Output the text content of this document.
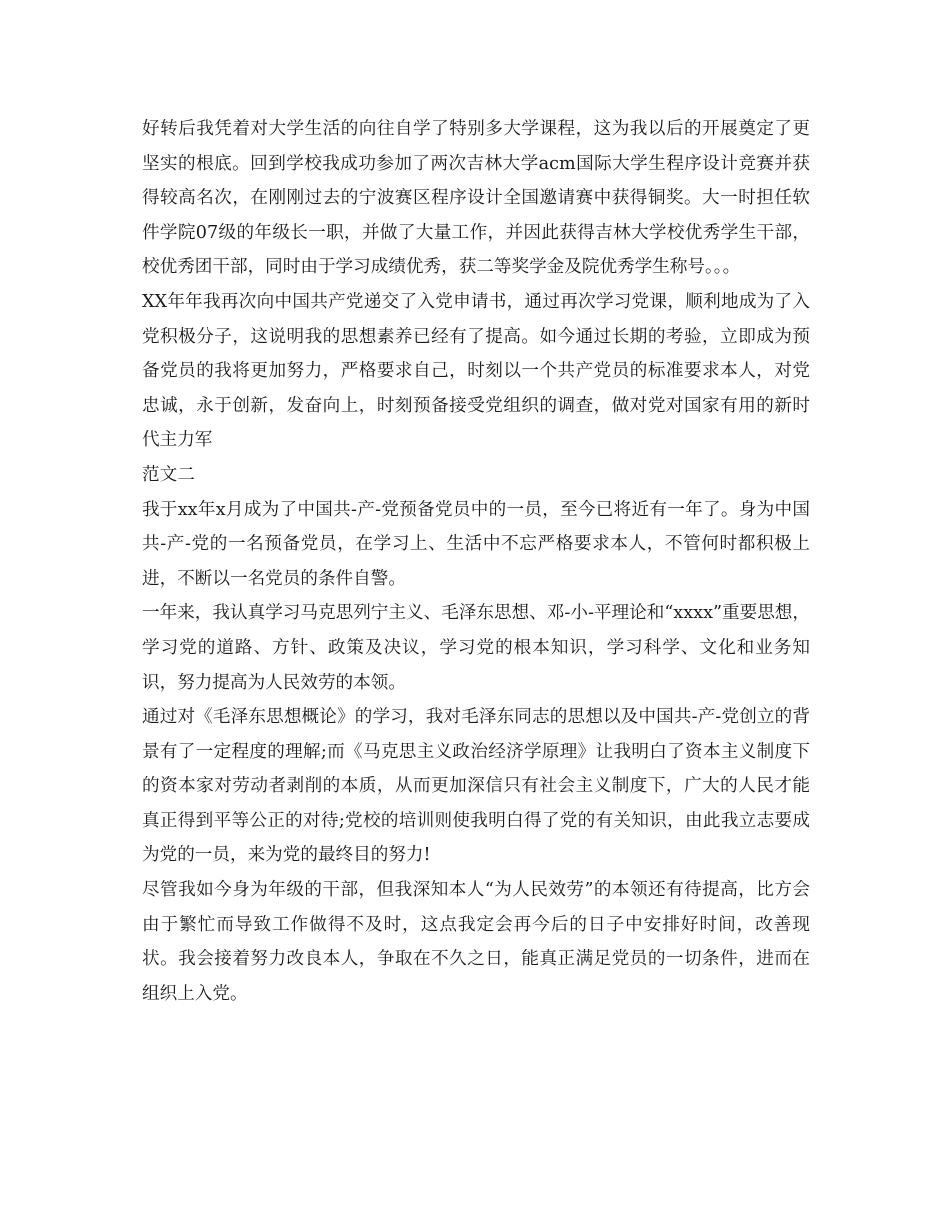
好转后我凭着对大学生活的向往自学了特别多大学课程，这为我以后的开展奠定了更坚实的根底。回到学校我成功参加了两次吉林大学acm国际大学生程序设计竞赛并获得较高名次，在刚刚过去的宁波赛区程序设计全国邀请赛中获得铜奖。大一时担任软件学院07级的年级长一职，并做了大量工作，并因此获得吉林大学校优秀学生干部，校优秀团干部，同时由于学习成绩优秀，获二等奖学金及院优秀学生称号。。。

XX年年我再次向中国共产党递交了入党申请书，通过再次学习党课，顺利地成为了入党积极分子，这说明我的思想素养已经有了提高。如今通过长期的考验，立即成为预备党员的我将更加努力，严格要求自己，时刻以一个共产党员的标准要求本人，对党忠诚，永于创新，发奋向上，时刻预备接受党组织的调查，做对党对国家有用的新时代主力军

范文二

我于xx年x月成为了中国共-产-党预备党员中的一员，至今已将近有一年了。身为中国共-产-党的一名预备党员，在学习上、生活中不忘严格要求本人，不管何时都积极上进，不断以一名党员的条件自警。

一年来，我认真学习马克思列宁主义、毛泽东思想、邓-小-平理论和“xxxx”重要思想，学习党的道路、方针、政策及决议，学习党的根本知识，学习科学、文化和业务知识，努力提高为人民效劳的本领。

通过对《毛泽东思想概论》的学习，我对毛泽东同志的思想以及中国共-产-党创立的背景有了一定程度的理解;而《马克思主义政治经济学原理》让我明白了资本主义制度下的资本家对劳动者剥削的本质，从而更加深信只有社会主义制度下，广大的人民才能真正得到平等公正的对待;党校的培训则使我明白得了党的有关知识，由此我立志要成为党的一员，来为党的最终目的努力!

尽管我如今身为年级的干部，但我深知本人“为人民效劳”的本领还有待提高，比方会由于繁忙而导致工作做得不及时，这点我定会再今后的日子中安排好时间，改善现状。我会接着努力改良本人，争取在不久之日，能真正满足党员的一切条件，进而在组织上入党。
